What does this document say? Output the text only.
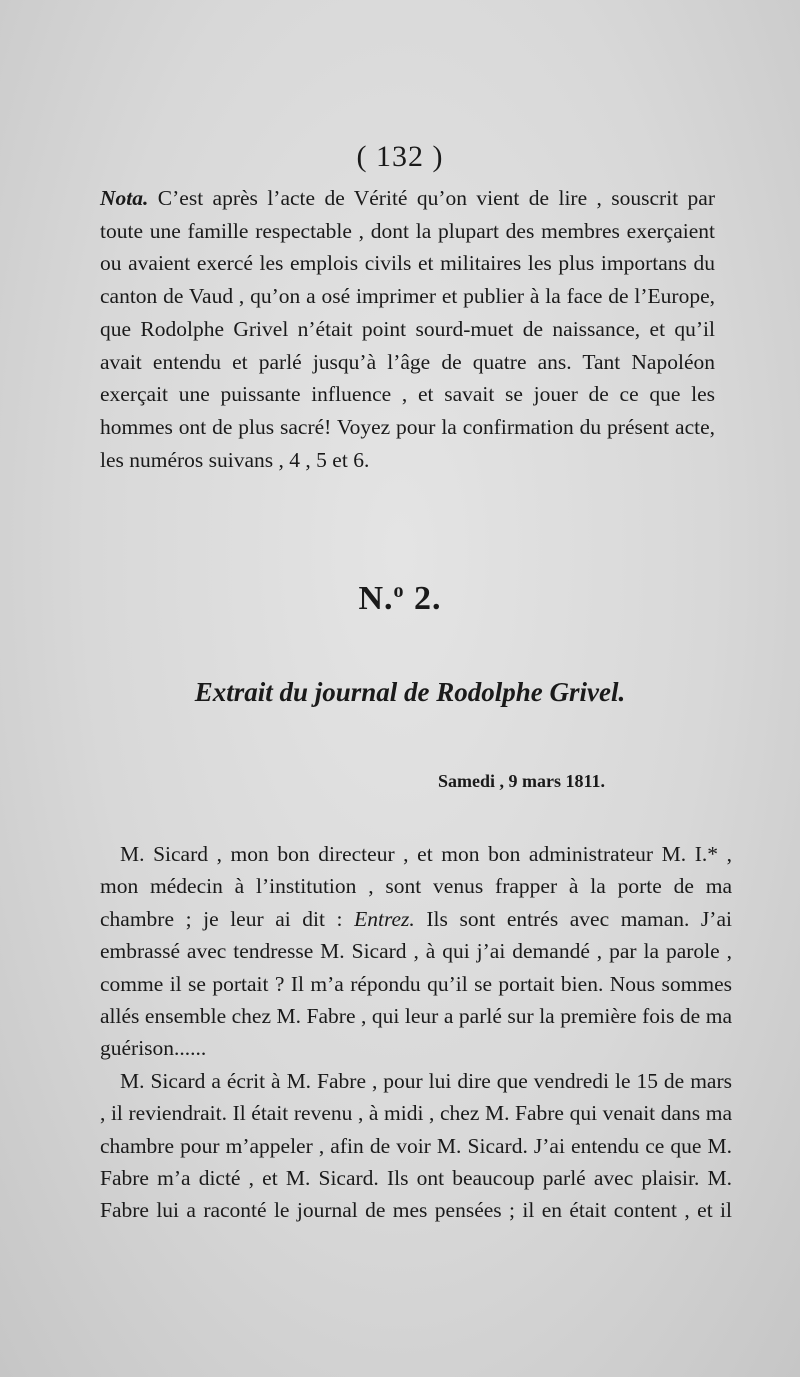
( 132 )
Nota. C’est après l’acte de Vérité qu’on vient de lire , souscrit par toute une famille respectable , dont la plupart des membres exerçaient ou avaient exercé les emplois civils et militaires les plus importans du canton de Vaud , qu’on a osé imprimer et publier à la face de l’Europe, que Rodolphe Grivel n’était point sourd-muet de naissance, et qu’il avait entendu et parlé jusqu’à l’âge de quatre ans. Tant Napoléon exerçait une puissante influence , et savait se jouer de ce que les hommes ont de plus sacré! Voyez pour la confirmation du présent acte, les numéros suivans , 4 , 5 et 6.
N.$^o$ 2.
Extrait du journal de Rodolphe Grivel.
Samedi , 9 mars 1811.

M. Sicard , mon bon directeur , et mon bon administrateur M. I.* , mon médecin à l’institution , sont venus frapper à la porte de ma chambre ; je leur ai dit : Entrez. Ils sont entrés avec maman. J’ai embrassé avec tendresse M. Sicard , à qui j’ai demandé , par la parole , comme il se portait ? Il m’a répondu qu’il se portait bien. Nous sommes allés ensemble chez M. Fabre , qui leur a parlé sur la première fois de ma guérison......

M. Sicard a écrit à M. Fabre , pour lui dire que vendredi le 15 de mars , il reviendrait. Il était revenu , à midi , chez M. Fabre qui venait dans ma chambre pour m’appeler , afin de voir M. Sicard. J’ai entendu ce que M. Fabre m’a dicté , et M. Sicard. Ils ont beaucoup parlé avec plaisir. M. Fabre lui a raconté le journal de mes pensées ; il en était content , et il
